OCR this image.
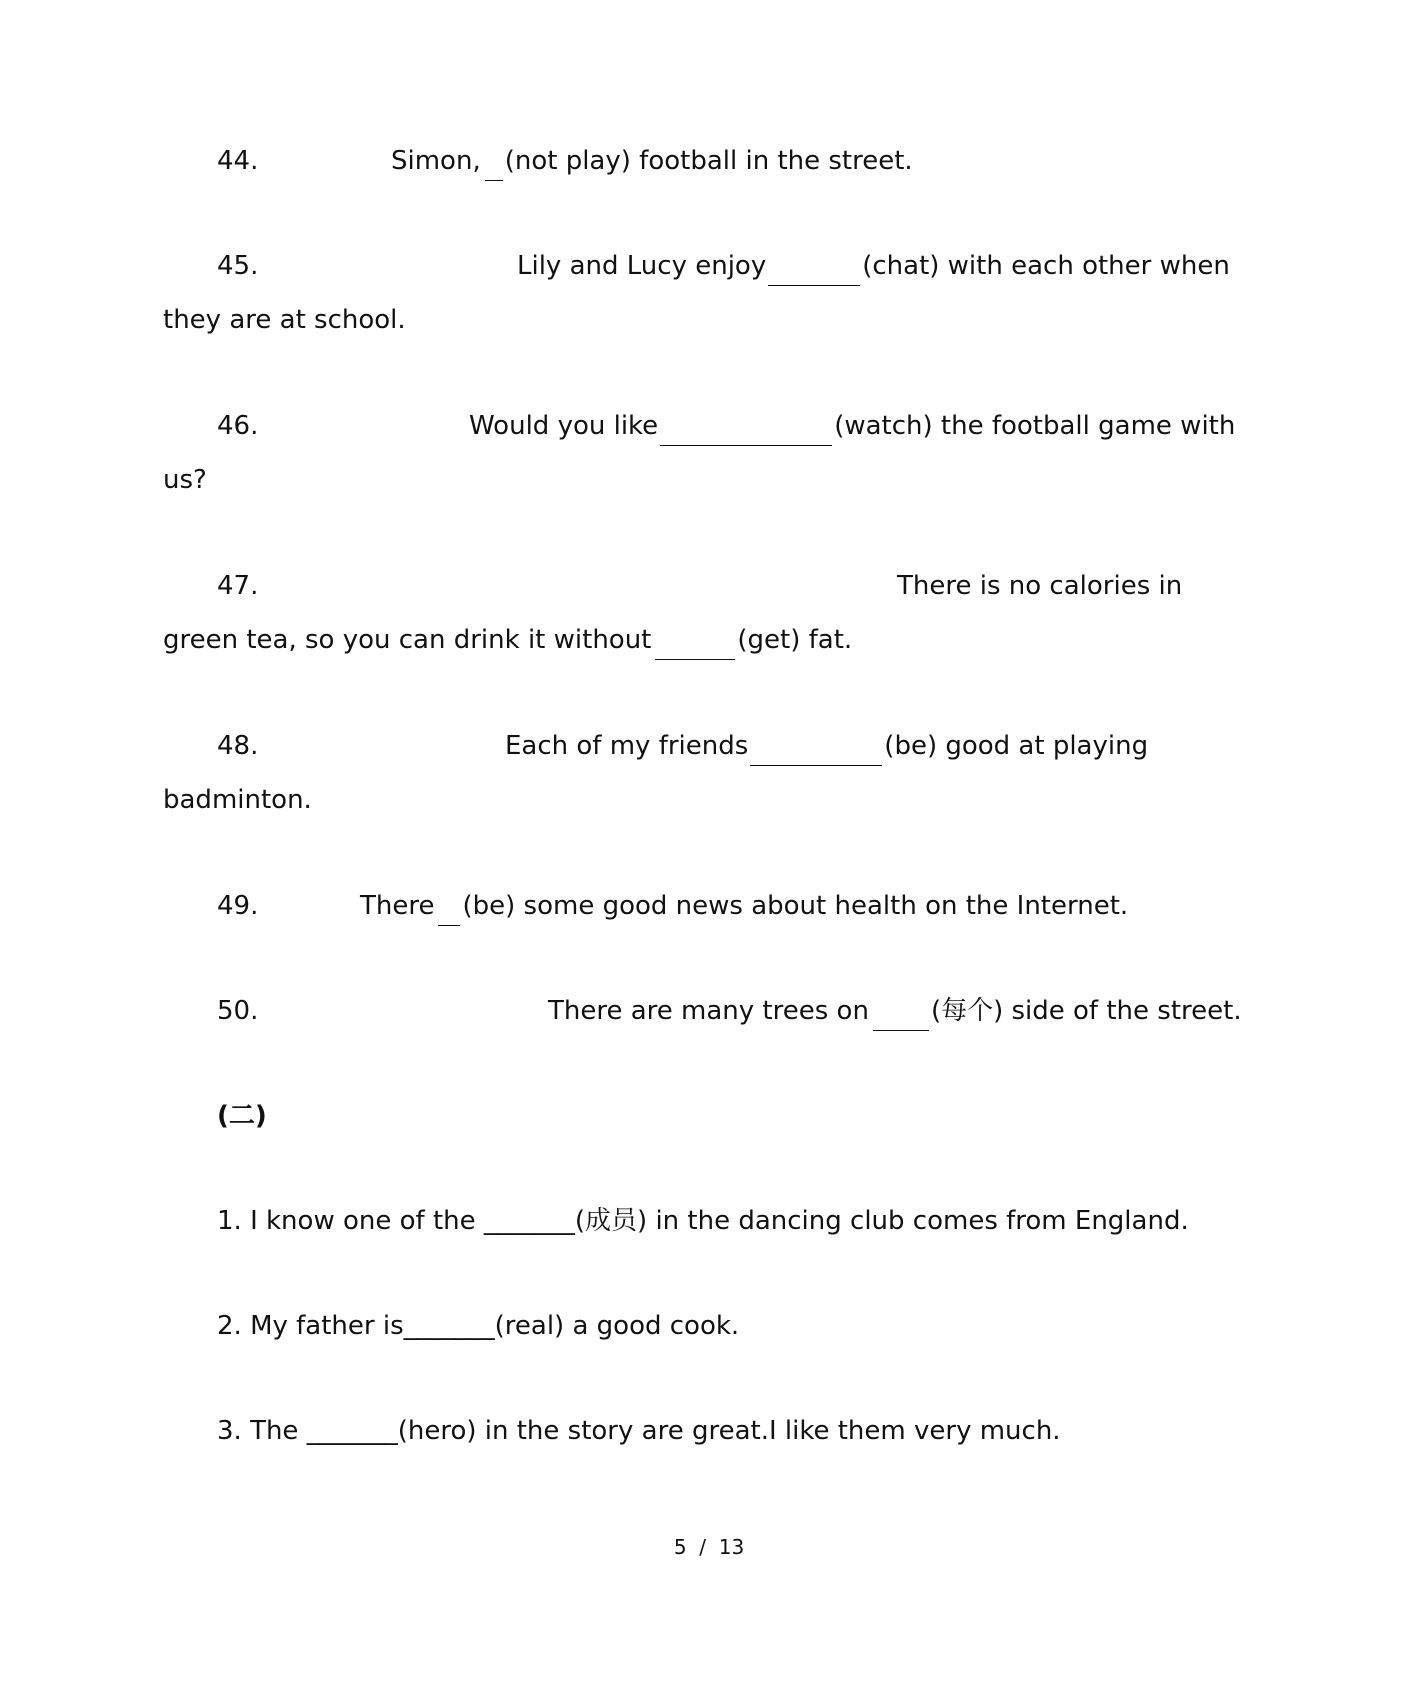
44.	Simon, (not play) football in the street.
45.	Lily and Lucy enjoy	(chat) with each other when
they are at school.
46.	Would you like	(watch) the football game with
us?
47.	There is no calories in
green tea, so you can drink it without	(get) fat.
48.	Each of my friends	(be) good at playing
badminton.
49.	There (be) some good news about health on the Internet.
50.	There are many trees on (每个) side of the street.
(二)
1. I know one of the _______(成员) in the dancing club comes from England.
2. My father is_______(real) a good cook.
3. The _______(hero) in the story are great.I like them very much.
5  /  13
